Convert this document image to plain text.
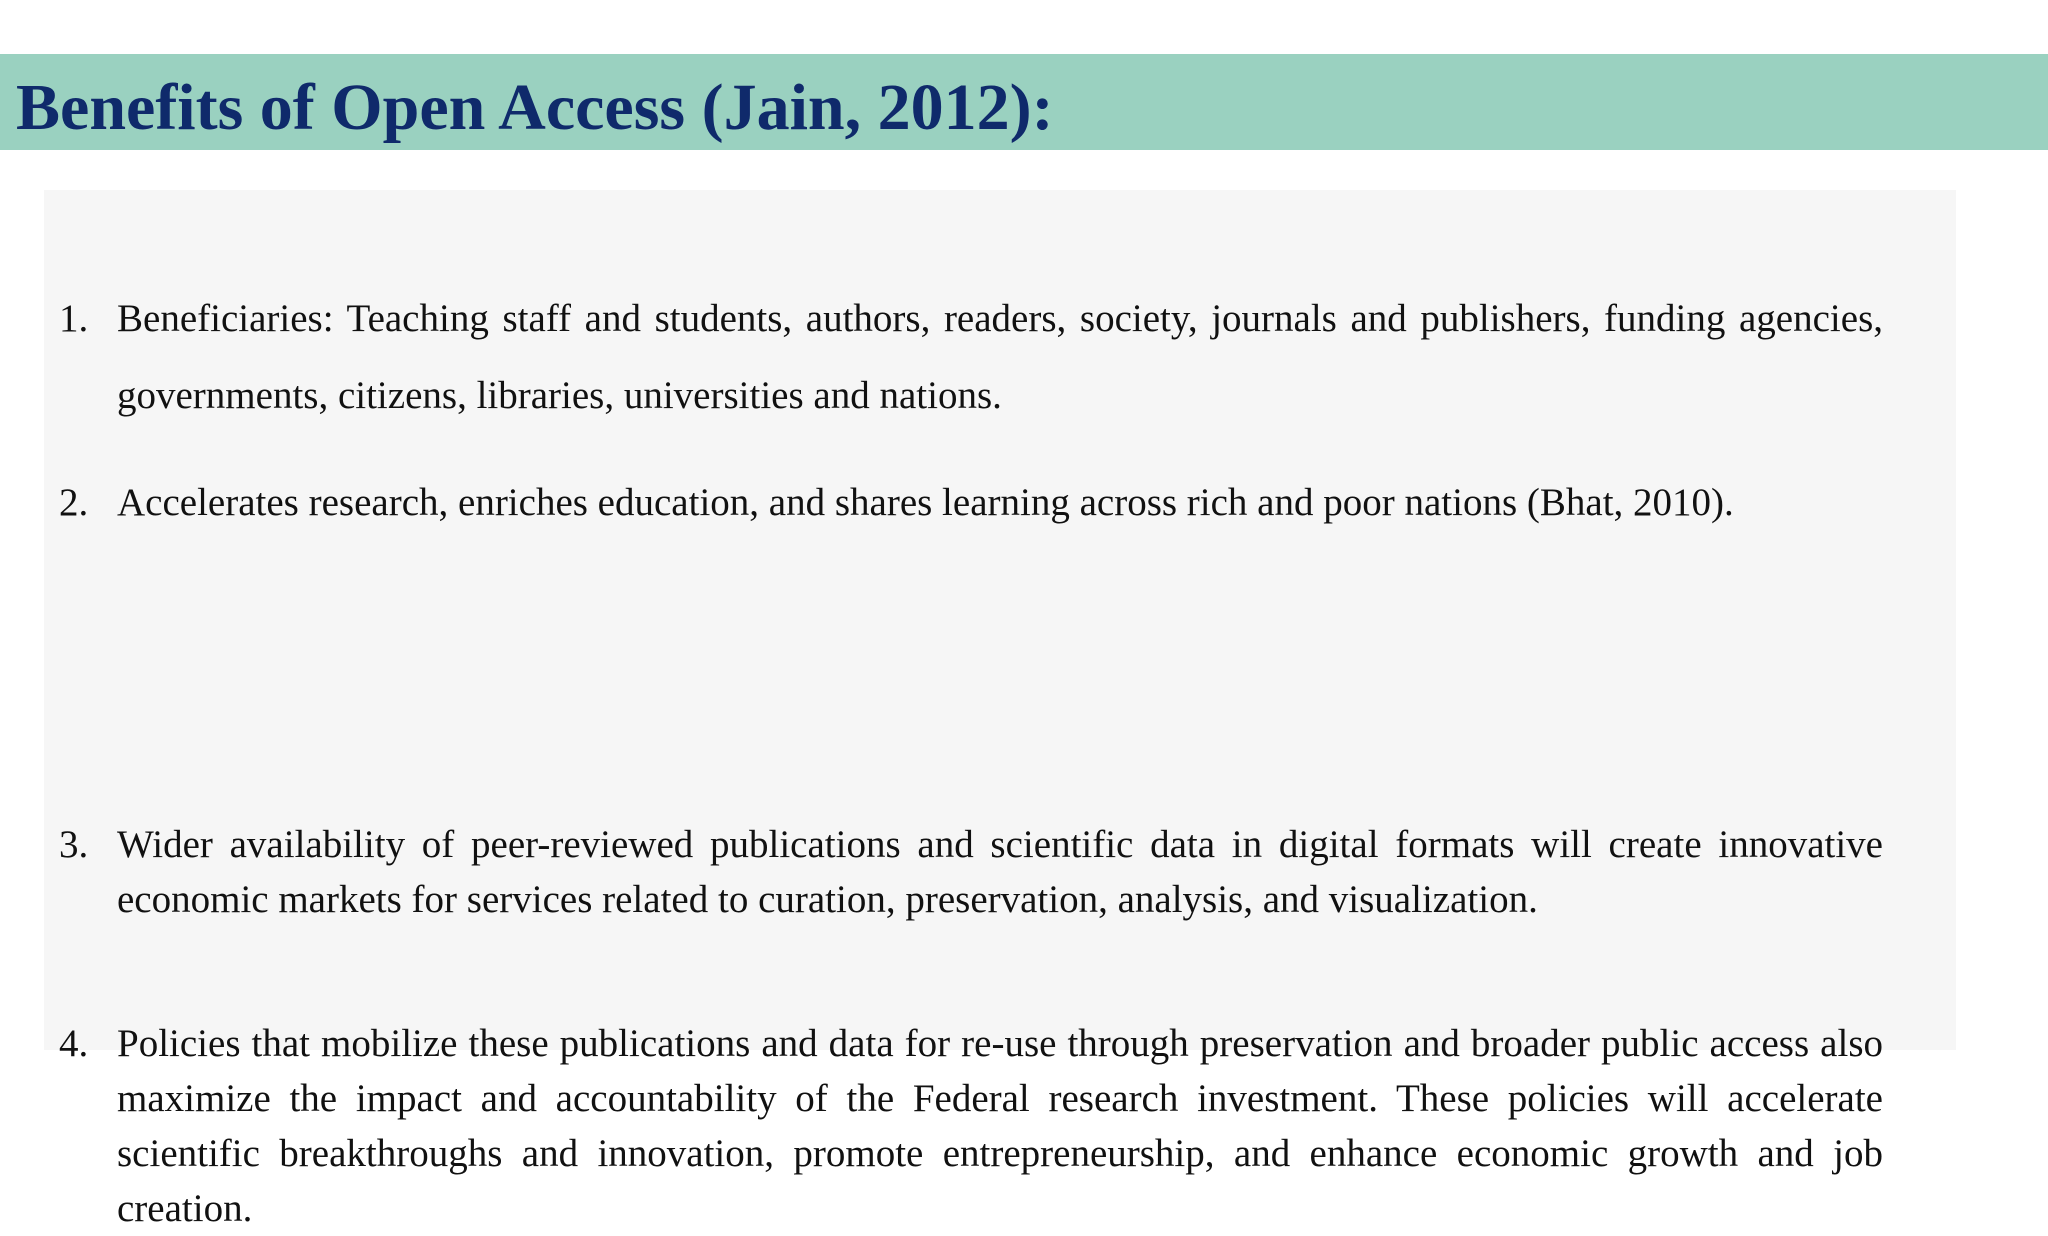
Benefits of Open Access (Jain, 2012):
1. Beneficiaries: Teaching staff and students, authors, readers, society, journals and publishers, funding agencies, governments, citizens, libraries, universities and nations.

2. Accelerates research, enriches education, and shares learning across rich and poor nations (Bhat, 2010).

3. Wider availability of peer-reviewed publications and scientific data in digital formats will create innovative economic markets for services related to curation, preservation, analysis, and visualization.

4. Policies that mobilize these publications and data for re-use through preservation and broader public access also maximize the impact and accountability of the Federal research investment. These policies will accelerate scientific breakthroughs and innovation, promote entrepreneurship, and enhance economic growth and job creation.
